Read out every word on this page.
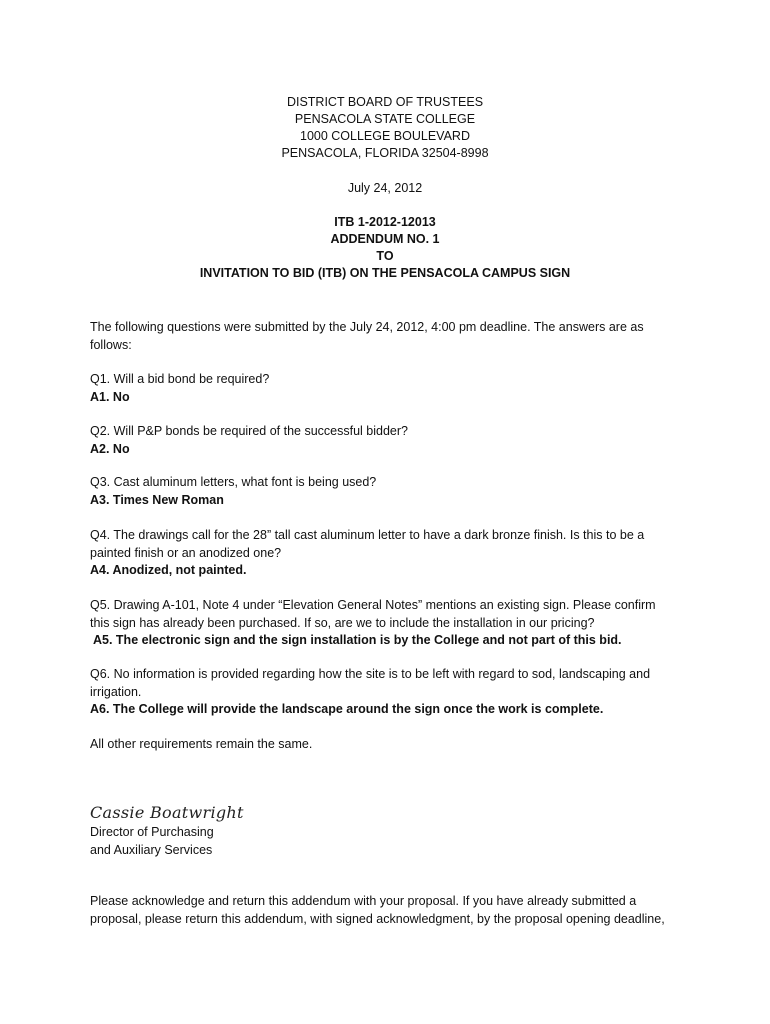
DISTRICT BOARD OF TRUSTEES
PENSACOLA STATE COLLEGE
1000 COLLEGE BOULEVARD
PENSACOLA, FLORIDA 32504-8998
July 24, 2012
ITB 1-2012-12013
ADDENDUM NO. 1
TO
INVITATION TO BID (ITB) ON THE PENSACOLA CAMPUS SIGN
The following questions were submitted by the July 24, 2012, 4:00 pm deadline. The answers are as
follows:
Q1. Will a bid bond be required?
A1. No
Q2. Will P&P bonds be required of the successful bidder?
A2. No
Q3. Cast aluminum letters, what font is being used?
A3. Times New Roman
Q4. The drawings call for the 28” tall cast aluminum letter to have a dark bronze finish. Is this to be a
painted finish or an anodized one?
A4. Anodized, not painted.
Q5. Drawing A-101, Note 4 under “Elevation General Notes” mentions an existing sign. Please confirm
this sign has already been purchased. If so, are we to include the installation in our pricing?
A5. The electronic sign and the sign installation is by the College and not part of this bid.
Q6. No information is provided regarding how the site is to be left with regard to sod, landscaping and
irrigation.
A6. The College will provide the landscape around the sign once the work is complete.
All other requirements remain the same.
Cassie Boatwright
Director of Purchasing
and Auxiliary Services
Please acknowledge and return this addendum with your proposal. If you have already submitted a
proposal, please return this addendum, with signed acknowledgment, by the proposal opening deadline,
